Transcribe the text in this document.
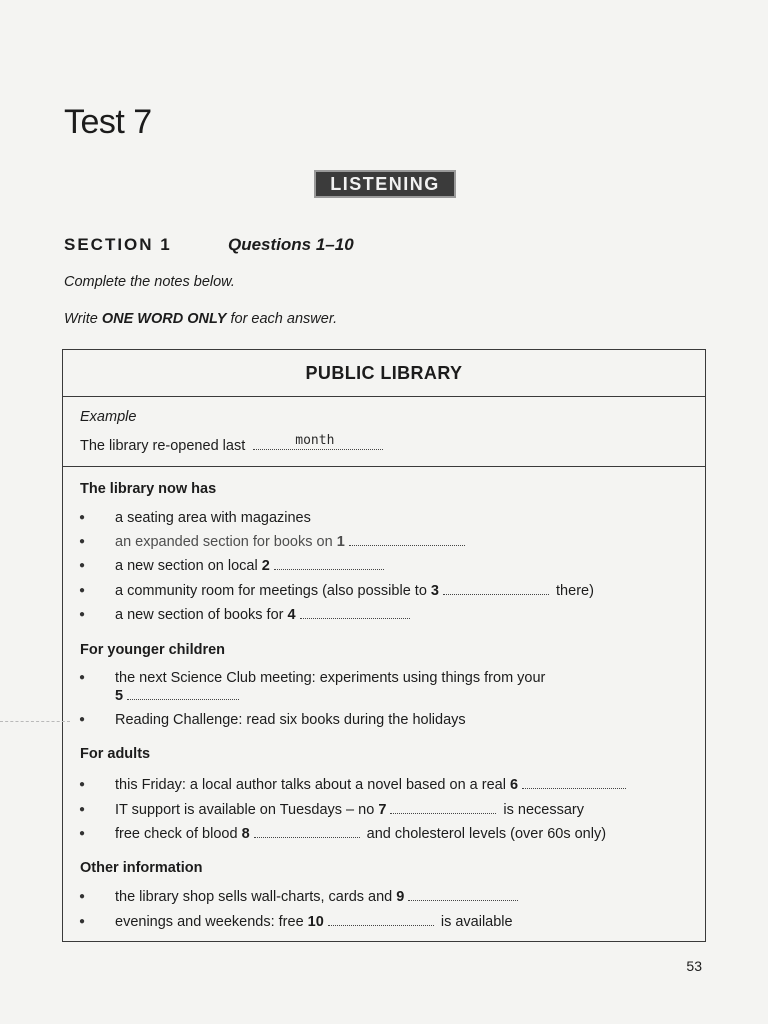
Test 7
LISTENING
SECTION 1	Questions 1–10
Complete the notes below.
Write ONE WORD ONLY for each answer.
PUBLIC LIBRARY
Example
The library re-opened last	month
The library now has
● a seating area with magazines
● an expanded section for books on 1
● a new section on local 2
● a community room for meetings (also possible to 3	there)
● a new section of books for 4
For younger children
● the next Science Club meeting: experiments using things from your
5
● Reading Challenge: read six books during the holidays
For adults
● this Friday: a local author talks about a novel based on a real 6
● IT support is available on Tuesdays – no 7	is necessary
● free check of blood 8	and cholesterol levels (over 60s only)
Other information
● the library shop sells wall-charts, cards and 9
● evenings and weekends: free 10	is available
53
